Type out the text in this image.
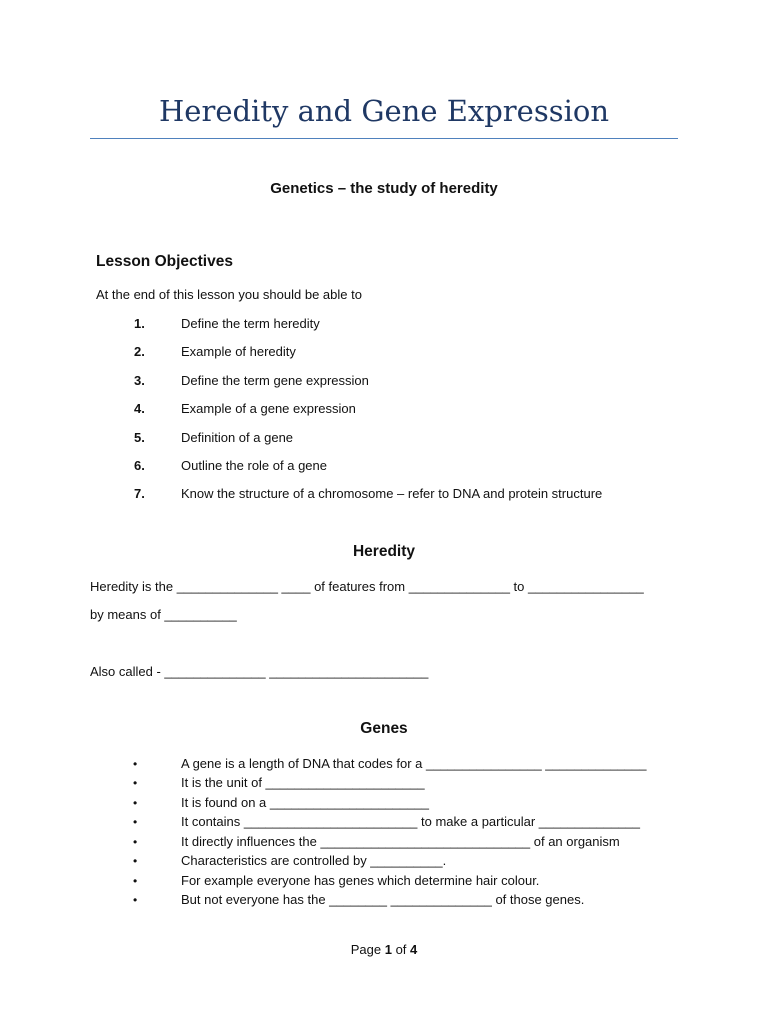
Heredity and Gene Expression
Genetics – the study of heredity
Lesson Objectives
At the end of this lesson you should be able to
1.	Define the term heredity
2.	Example of heredity
3.	Define the term gene expression
4.	Example of a gene expression
5.	Definition of a gene
6.	Outline the role of a gene
7.	Know the structure of a chromosome – refer to DNA and protein structure
Heredity
Heredity is the ______________ ____ of features from ______________ to ________________
by means of __________
Also called - ______________ ______________________
Genes
•	A gene is a length of DNA that codes for a ________________ ______________
•	It is the unit of ______________________
•	It is found on a ______________________
•	It contains ________________________ to make a particular ______________
•	It directly influences the _____________________________ of an organism
•	Characteristics are controlled by __________.
•	For example everyone has genes which determine hair colour.
•	But not everyone has the ________ ______________ of those genes.
Page 1 of 4
